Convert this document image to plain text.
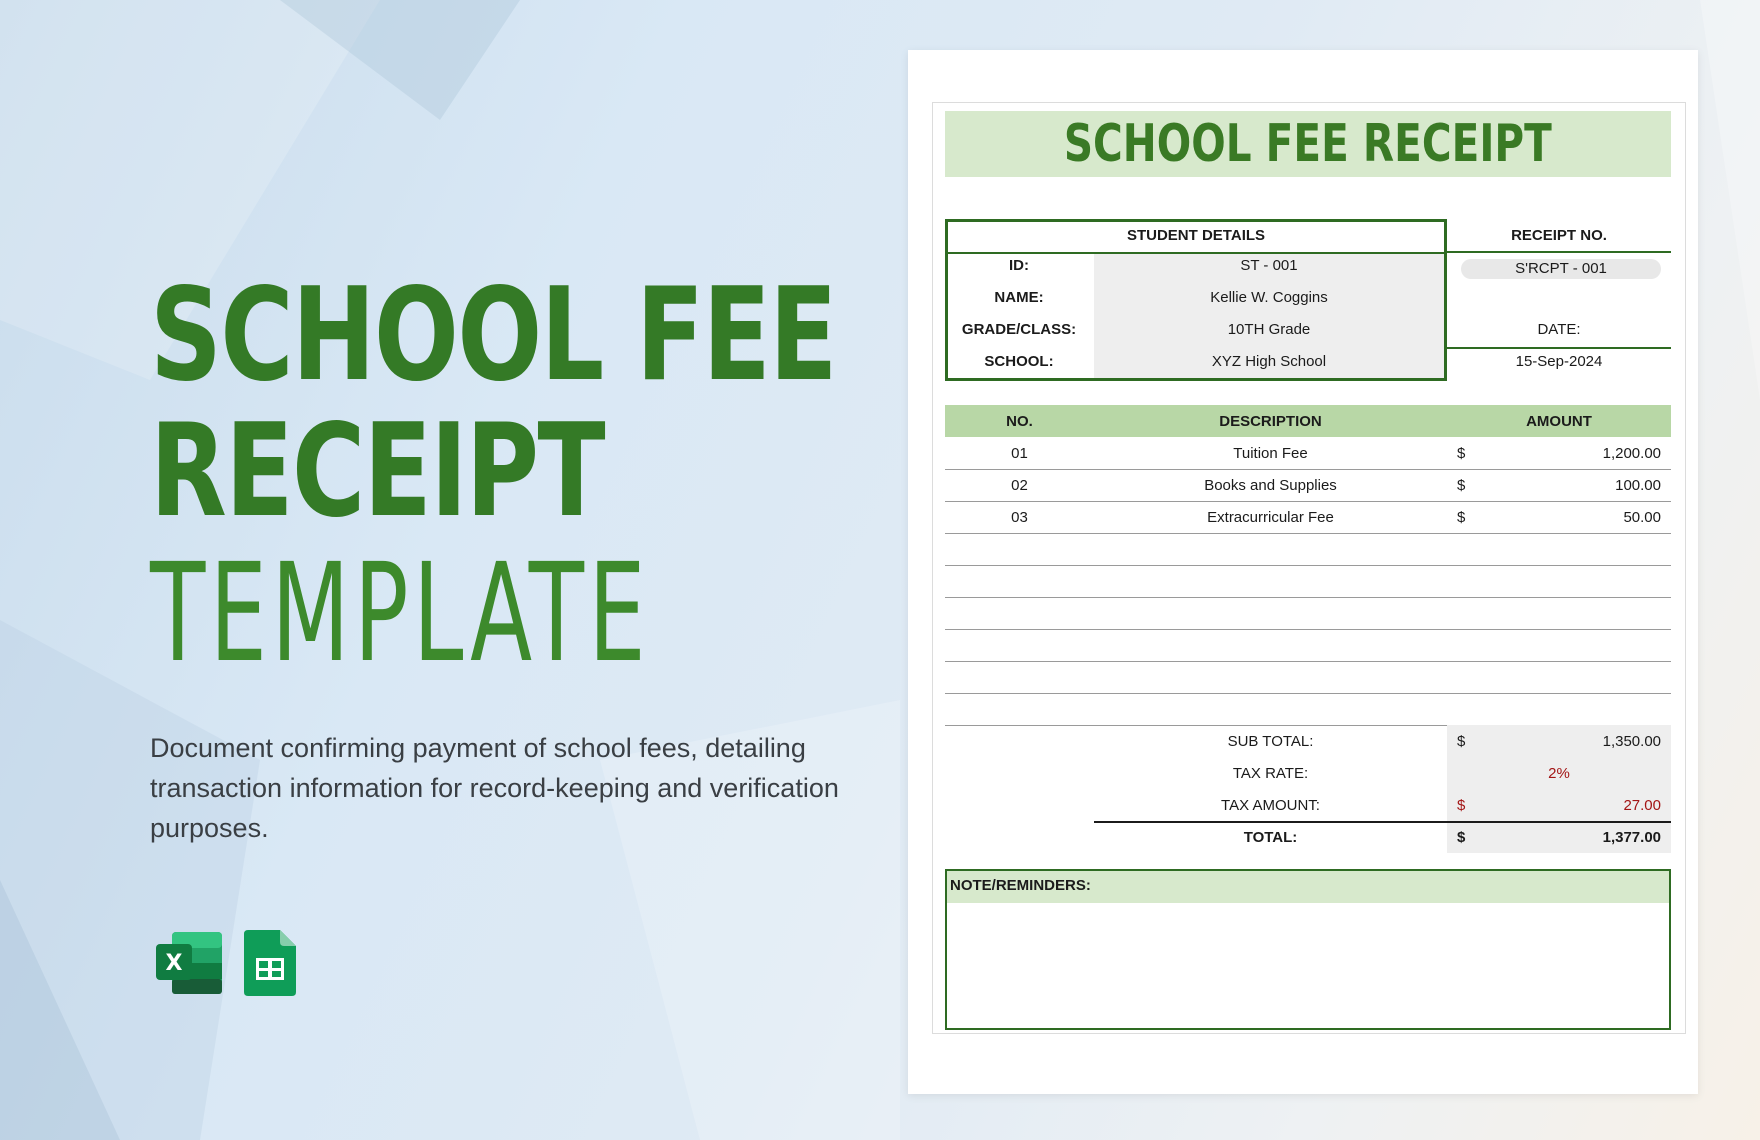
SCHOOL FEE
RECEIPT
TEMPLATE
Document confirming payment of school fees, detailing transaction information for record-keeping and verification purposes.
X
SCHOOL FEE RECEIPT
STUDENT DETAILS
ID:	ST - 001
NAME:	Kellie W. Coggins
GRADE/CLASS:	10TH Grade
SCHOOL:	XYZ High School
RECEIPT NO.
S'RCPT - 001
DATE:
15-Sep-2024
NO.	DESCRIPTION	AMOUNT
01	Tuition Fee	$	1,200.00
02	Books and Supplies	$	100.00
03	Extracurricular Fee	$	50.00
SUB TOTAL:	$	1,350.00
TAX RATE:	2%
TAX AMOUNT:	$	27.00
TOTAL:	$	1,377.00
NOTE/REMINDERS:
